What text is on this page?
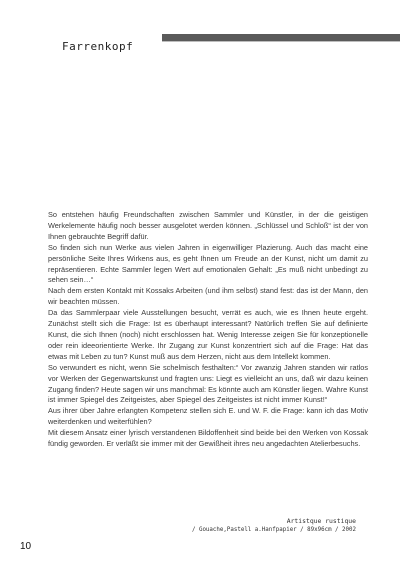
Farrenkopf

So entstehen häufig Freundschaften zwischen Sammler und Künstler, in der die geistigen Werkelemente häufig noch besser ausgelotet werden können. „Schlüssel und Schloß“ ist der von Ihnen gebrauchte Begriff dafür.

So finden sich nun Werke aus vielen Jahren in eigenwilliger Plazierung. Auch das macht eine persönliche Seite Ihres Wirkens aus, es geht Ihnen um Freude an der Kunst, nicht um damit zu repräsentieren. Echte Sammler legen Wert auf emotionalen Gehalt: „Es muß nicht unbedingt zu sehen sein…“

Nach dem ersten Kontakt mit Kossaks Arbeiten (und ihm selbst) stand fest: das ist der Mann, den wir beachten müssen.

Da das Sammlerpaar viele Ausstellungen besucht, verrät es auch, wie es Ihnen heute ergeht. Zunächst stellt sich die Frage: Ist es überhaupt interessant? Natürlich treffen Sie auf definierte Kunst, die sich Ihnen (noch) nicht erschlossen hat. Wenig Interesse zeigen Sie für konzeptionelle oder rein ideeorientierte Werke. Ihr Zugang zur Kunst konzentriert sich auf die Frage: Hat das etwas mit Leben zu tun? Kunst muß aus dem Herzen, nicht aus dem Intellekt kommen.

So verwundert es nicht, wenn Sie schelmisch festhalten:“ Vor zwanzig Jahren standen wir ratlos vor Werken der Gegenwartskunst und fragten uns: Liegt es vielleicht an uns, daß wir dazu keinen Zugang finden? Heute sagen wir uns manchmal: Es könnte auch am Künstler liegen. Wahre Kunst ist immer Spiegel des Zeitgeistes, aber Spiegel des Zeitgeistes ist nicht immer Kunst!“

Aus ihrer über Jahre erlangten Kompetenz stellen sich E. und W. F. die Frage: kann ich das Motiv weiterdenken und weiterfühlen?

Mit diesem Ansatz einer lyrisch verstandenen Bildoffenheit sind beide bei den Werken von Kossak fündig geworden. Er verläßt sie immer mit der Gewißheit ihres neu angedachten Atelierbesuchs.

Artistque rustique
/ Gouache,Pastell a.Hanfpapier / 89x96cm / 2002
10
